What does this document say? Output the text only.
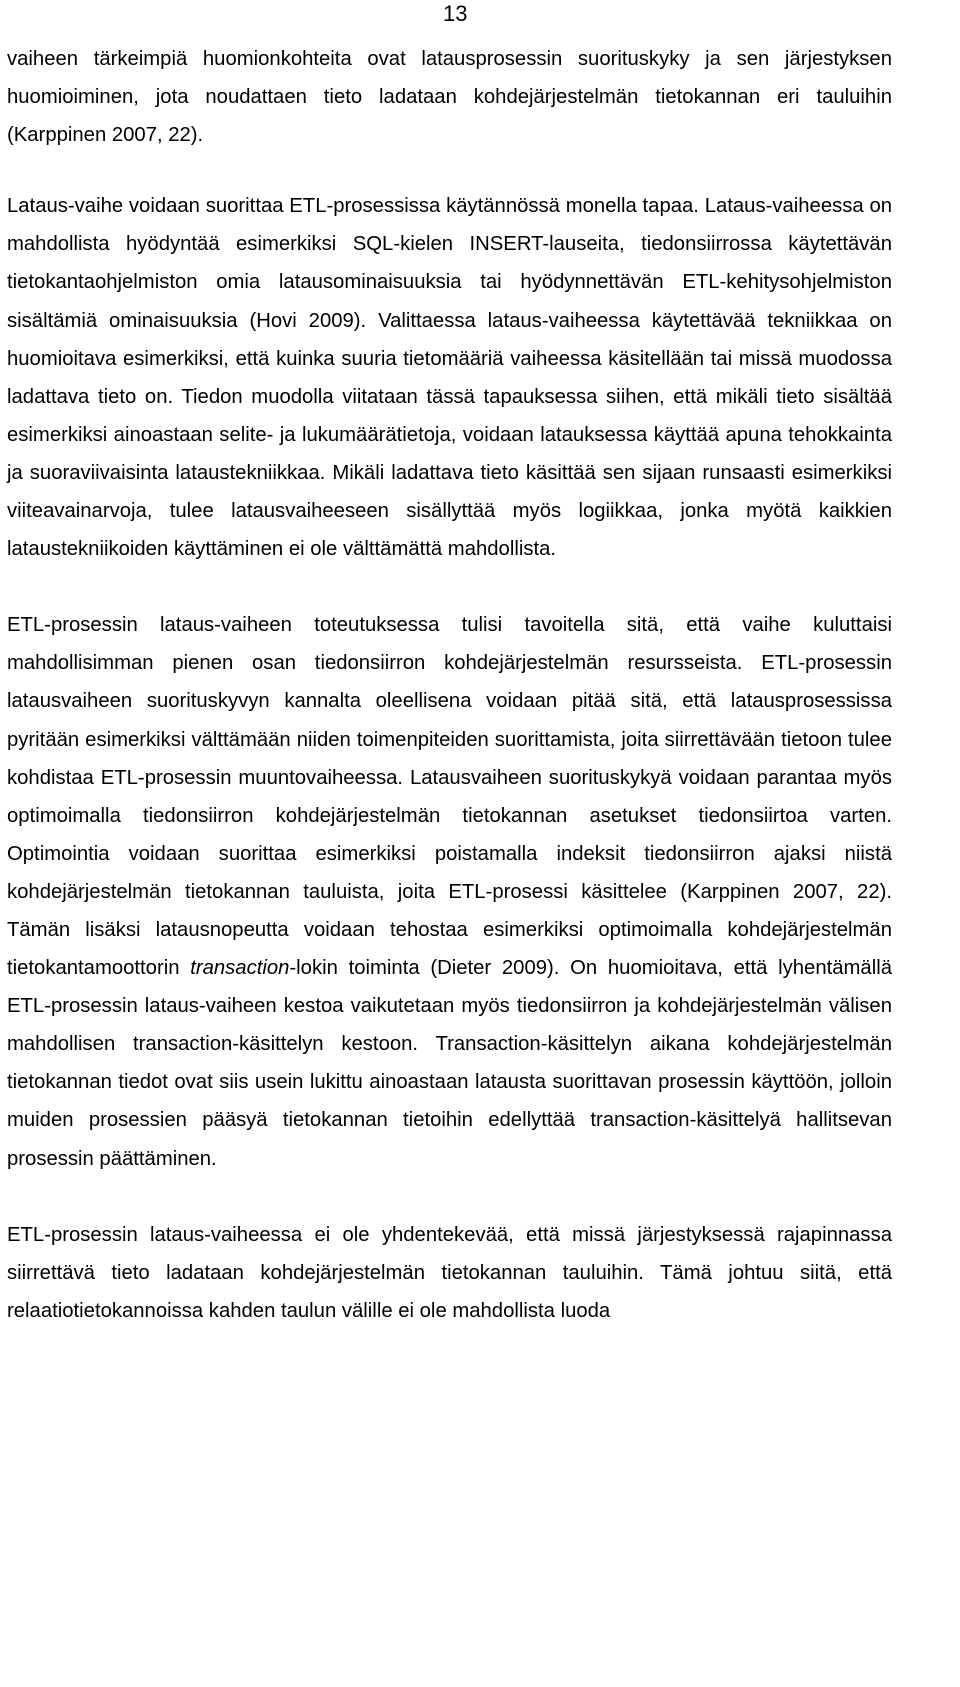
13

vaiheen tärkeimpiä huomionkohteita ovat latausprosessin suorituskyky ja sen järjestyksen huomioiminen, jota noudattaen tieto ladataan kohdejärjestelmän tietokannan eri tauluihin (Karppinen 2007, 22).

Lataus-vaihe voidaan suorittaa ETL-prosessissa käytännössä monella tapaa. Lataus-vaiheessa on mahdollista hyödyntää esimerkiksi SQL-kielen INSERT-lauseita, tiedonsiirrossa käytettävän tietokantaohjelmiston omia latausominaisuuksia tai hyödynnettävän ETL-kehitysohjelmiston sisältämiä ominaisuuksia (Hovi 2009). Valittaessa lataus-vaiheessa käytettävää tekniikkaa on huomioitava esimerkiksi, että kuinka suuria tietomääriä vaiheessa käsitellään tai missä muodossa ladattava tieto on. Tiedon muodolla viitataan tässä tapauksessa siihen, että mikäli tieto sisältää esimerkiksi ainoastaan selite- ja lukumäärätietoja, voidaan latauksessa käyttää apuna tehokkainta ja suoraviivaisinta lataustekniikkaa. Mikäli ladattava tieto käsittää sen sijaan runsaasti esimerkiksi viiteavainarvoja, tulee latausvaiheeseen sisällyttää myös logiikkaa, jonka myötä kaikkien lataustekniikoiden käyttäminen ei ole välttämättä mahdollista.

ETL-prosessin lataus-vaiheen toteutuksessa tulisi tavoitella sitä, että vaihe kuluttaisi mahdollisimman pienen osan tiedonsiirron kohdejärjestelmän resursseista. ETL-prosessin latausvaiheen suorituskyvyn kannalta oleellisena voidaan pitää sitä, että latausprosessissa pyritään esimerkiksi välttämään niiden toimenpiteiden suorittamista, joita siirrettävään tietoon tulee kohdistaa ETL-prosessin muuntovaiheessa. Latausvaiheen suorituskykyä voidaan parantaa myös optimoimalla tiedonsiirron kohdejärjestelmän tietokannan asetukset tiedonsiirtoa varten. Optimointia voidaan suorittaa esimerkiksi poistamalla indeksit tiedonsiirron ajaksi niistä kohdejärjestelmän tietokannan tauluista, joita ETL-prosessi käsittelee (Karppinen 2007, 22). Tämän lisäksi latausnopeutta voidaan tehostaa esimerkiksi optimoimalla kohdejärjestelmän tietokantamoottorin transaction-lokin toiminta (Dieter 2009). On huomioitava, että lyhentämällä ETL-prosessin lataus-vaiheen kestoa vaikutetaan myös tiedonsiirron ja kohdejärjestelmän välisen mahdollisen transaction-käsittelyn kestoon. Transaction-käsittelyn aikana kohdejärjestelmän tietokannan tiedot ovat siis usein lukittu ainoastaan latausta suorittavan prosessin käyttöön, jolloin muiden prosessien pääsyä tietokannan tietoihin edellyttää transaction-käsittelyä hallitsevan prosessin päättäminen.

ETL-prosessin lataus-vaiheessa ei ole yhdentekevää, että missä järjestyksessä rajapinnassa siirrettävä tieto ladataan kohdejärjestelmän tietokannan tauluihin. Tämä johtuu siitä, että relaatiotietokannoissa kahden taulun välille ei ole mahdollista luoda
